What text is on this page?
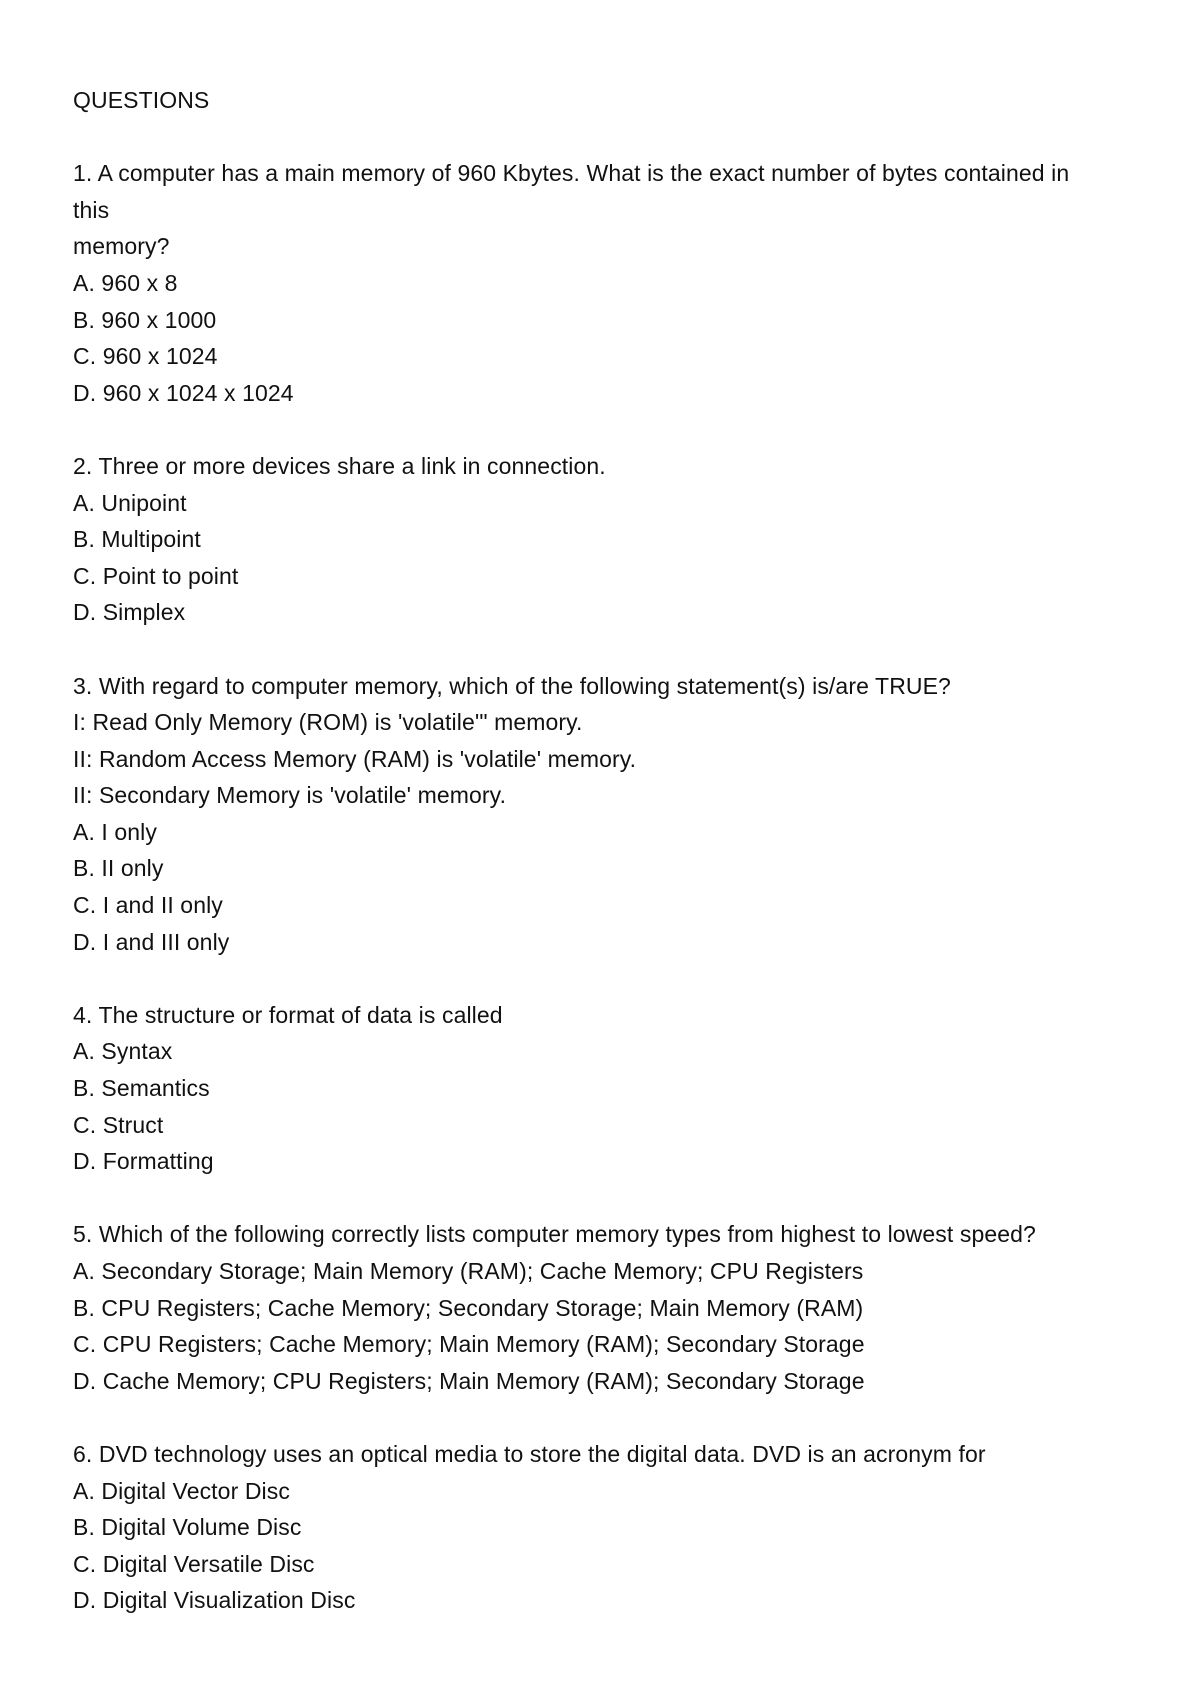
QUESTIONS
1. A computer has a main memory of 960 Kbytes. What is the exact number of bytes contained in
this
memory?
A. 960 x 8
B. 960 x 1000
C. 960 x 1024
D. 960 x 1024 x 1024
2. Three or more devices share a link in connection.
A. Unipoint
B. Multipoint
C. Point to point
D. Simplex
3. With regard to computer memory, which of the following statement(s) is/are TRUE?
I: Read Only Memory (ROM) is 'volatile'" memory.
II: Random Access Memory (RAM) is 'volatile' memory.
II: Secondary Memory is 'volatile' memory.
A. I only
B. II only
C. I and II only
D. I and III only
4. The structure or format of data is called
A. Syntax
B. Semantics
C. Struct
D. Formatting
5. Which of the following correctly lists computer memory types from highest to lowest speed?
A. Secondary Storage; Main Memory (RAM); Cache Memory; CPU Registers
B. CPU Registers; Cache Memory; Secondary Storage; Main Memory (RAM)
C. CPU Registers; Cache Memory; Main Memory (RAM); Secondary Storage
D. Cache Memory; CPU Registers; Main Memory (RAM); Secondary Storage
6. DVD technology uses an optical media to store the digital data. DVD is an acronym for
A. Digital Vector Disc
B. Digital Volume Disc
C. Digital Versatile Disc
D. Digital Visualization Disc
